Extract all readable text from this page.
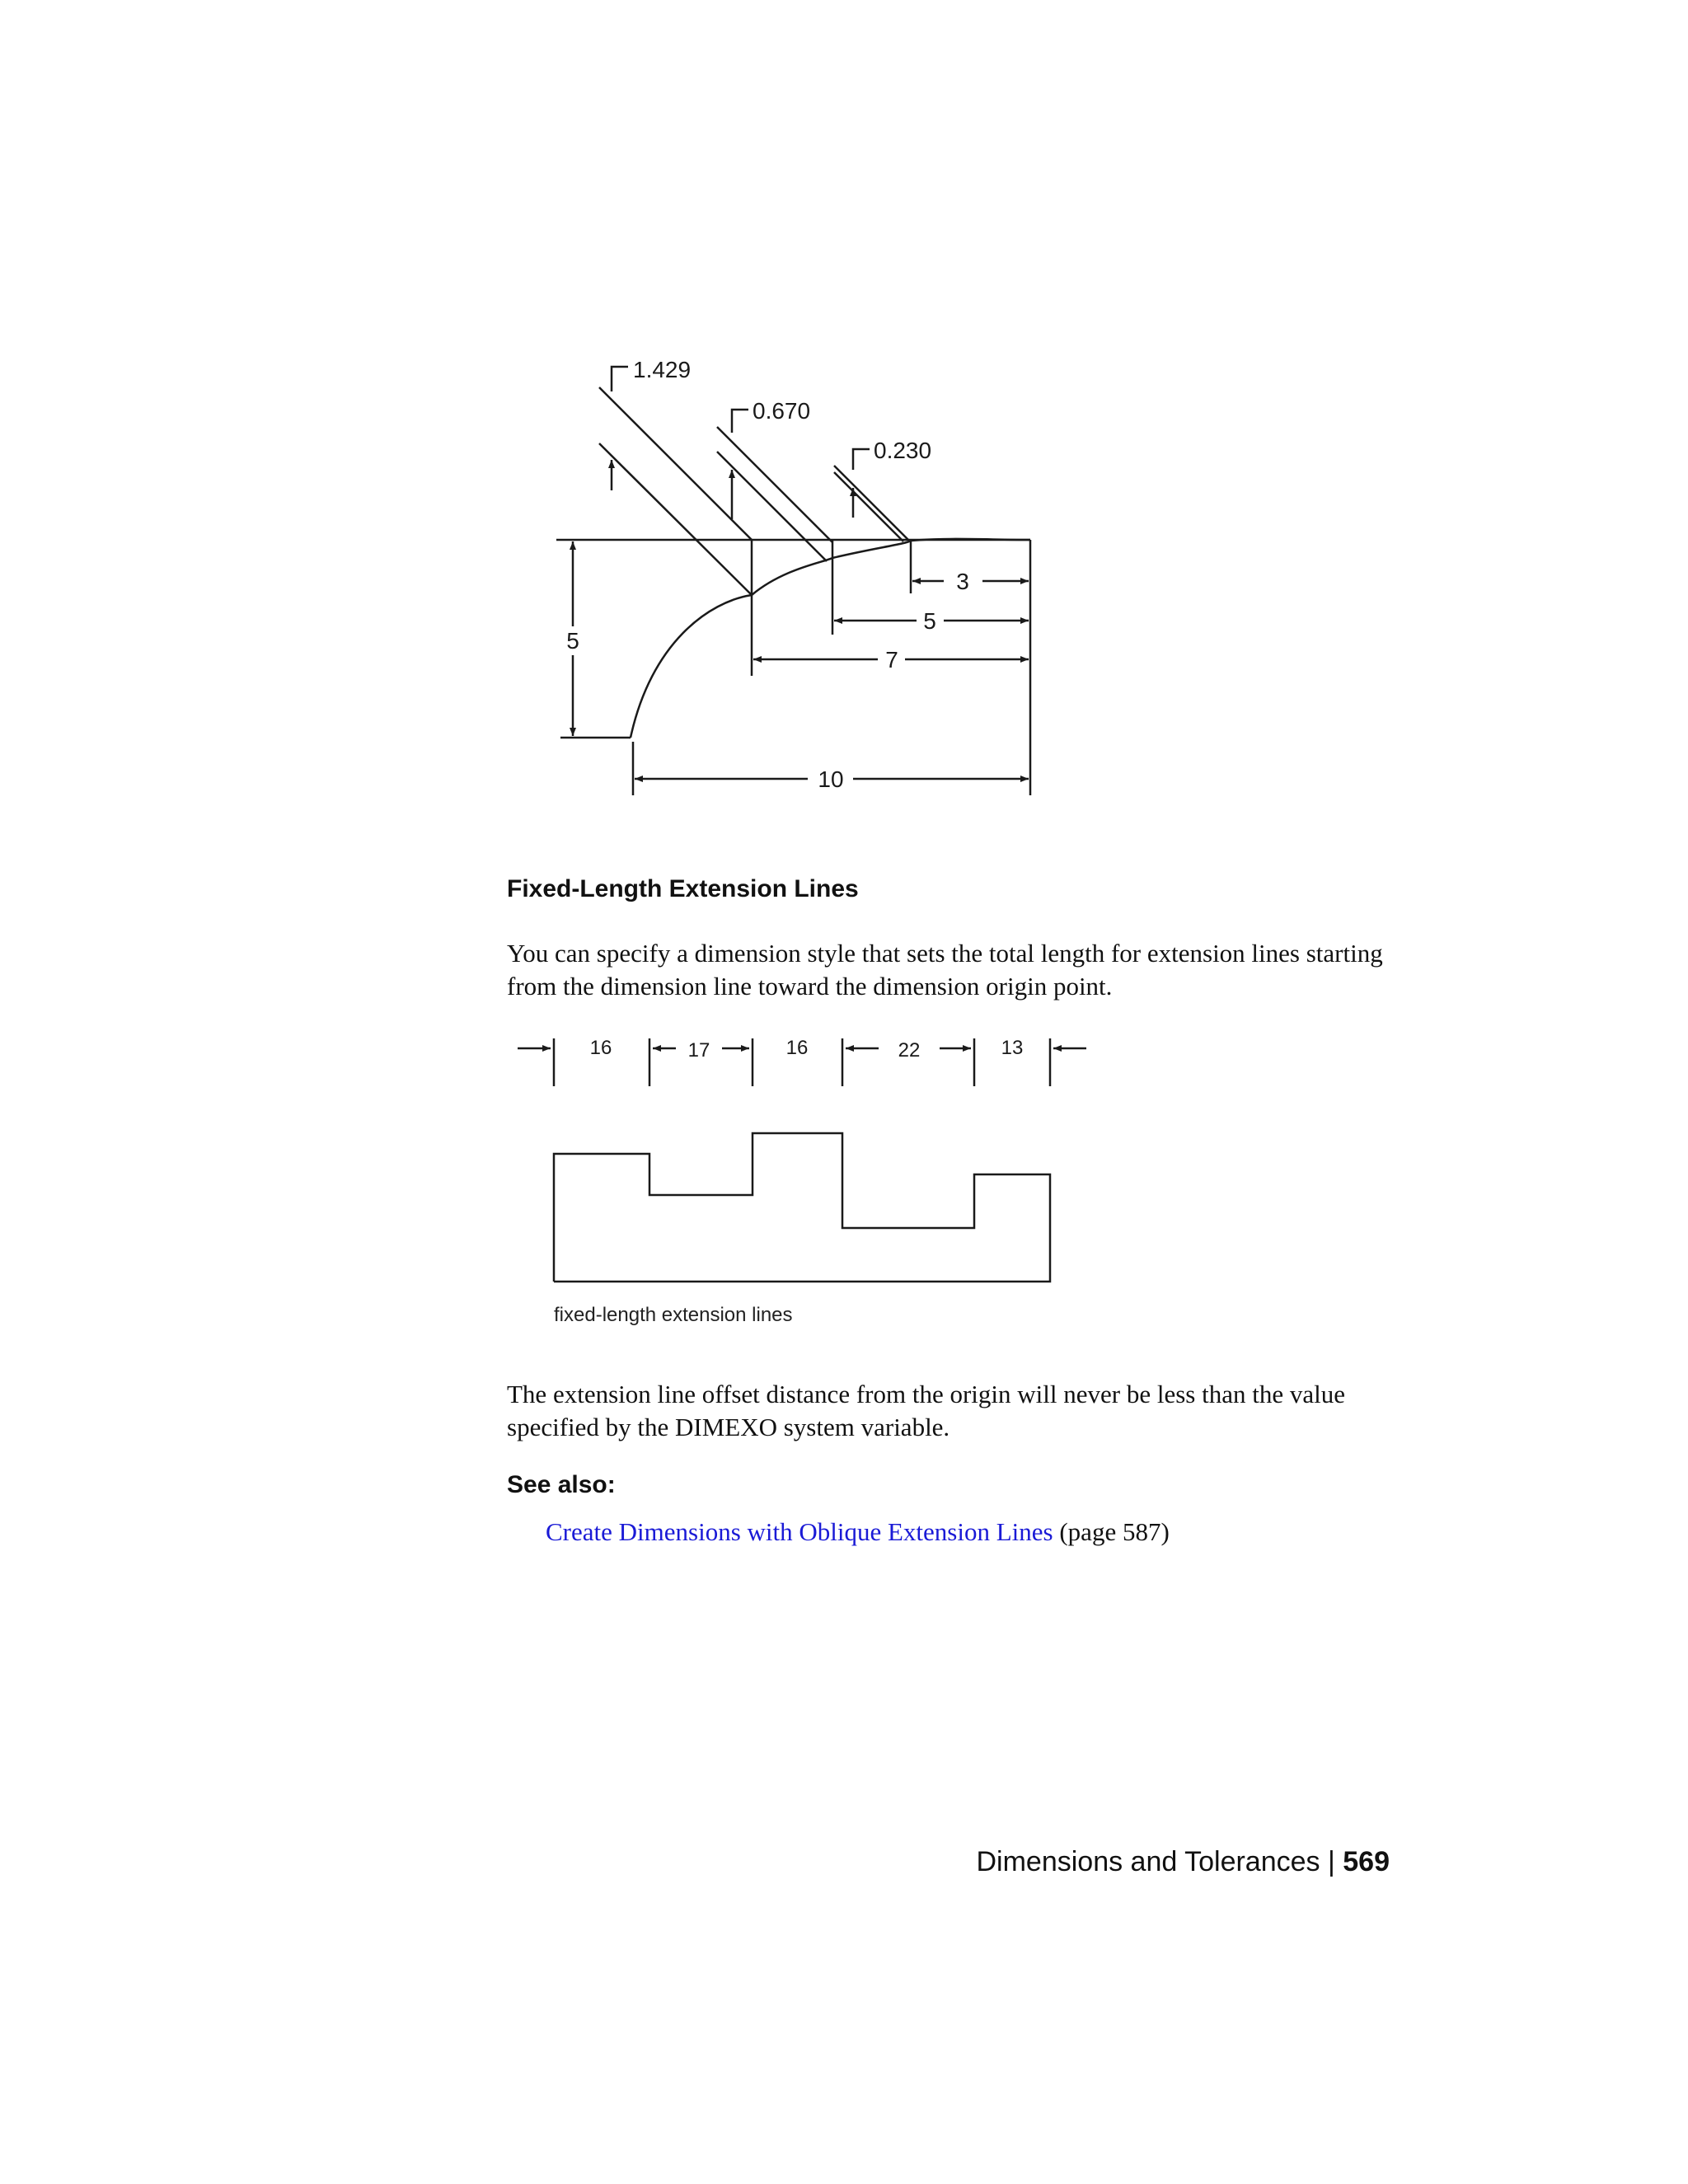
1.429
0.670
0.230
3
5
7
10
5
Fixed-Length Extension Lines

You can specify a dimension style that sets the total length for extension lines starting from the dimension line toward the dimension origin point.

16	17	16	22	13
fixed-length extension lines

The extension line offset distance from the origin will never be less than the value specified by the DIMEXO system variable.

See also:
Create Dimensions with Oblique Extension Lines (page 587)
Dimensions and Tolerances | 569
